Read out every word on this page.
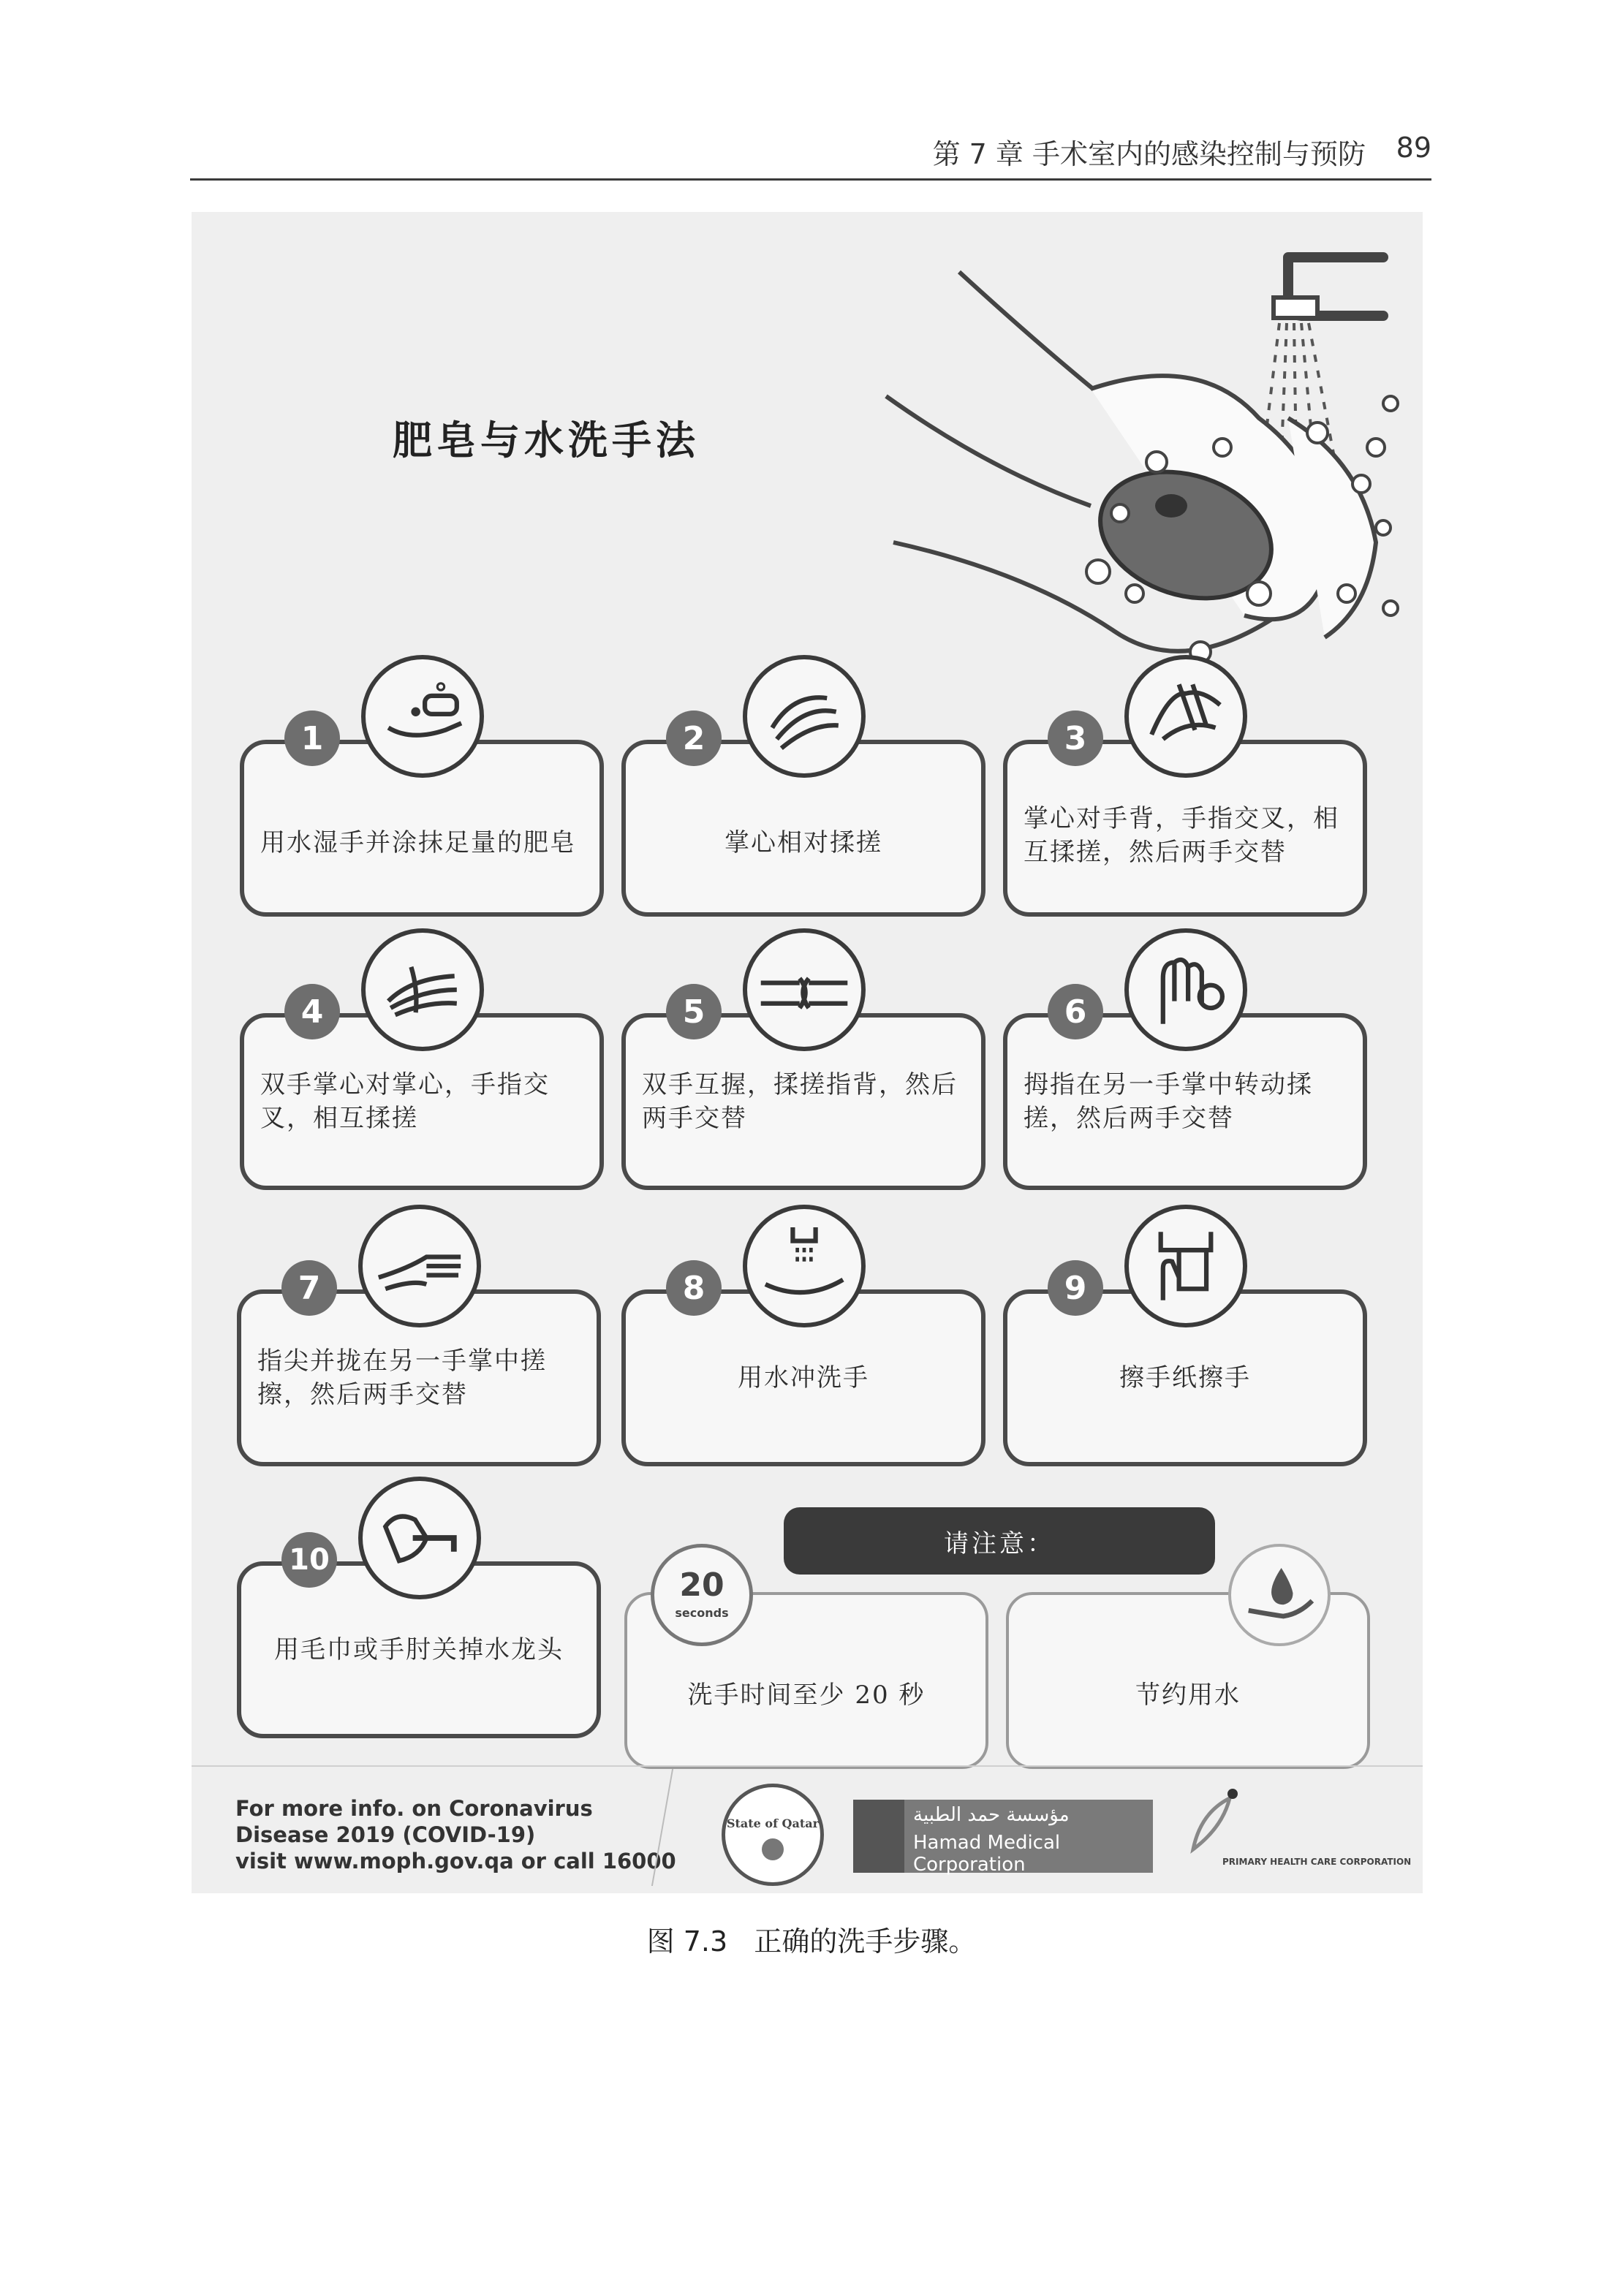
第 7 章 手术室内的感染控制与预防 89
肥皂与水洗手法
用水湿手并涂抹足量的肥皂
1
掌心相对揉搓
2
掌心对手背，手指交叉，相互揉搓，然后两手交替
3
双手掌心对掌心，手指交叉，相互揉搓
4
双手互握，揉搓指背，然后两手交替
5
拇指在另一手掌中转动揉搓，然后两手交替
6
指尖并拢在另一手掌中搓擦，然后两手交替
7
用水冲洗手
8
擦手纸擦手
9
用毛巾或手肘关掉水龙头
10	请注意：
洗手时间至少 20 秒
20
seconds
节约用水
For more info. on Coronavirus
Disease 2019 (COVID-19)
visit www.moph.gov.qa or call 16000
State of Qatar	مؤسسة حمد الطبية
Hamad Medical Corporation	PRIMARY HEALTH CARE CORPORATION
图 7.3 正确的洗手步骤。
